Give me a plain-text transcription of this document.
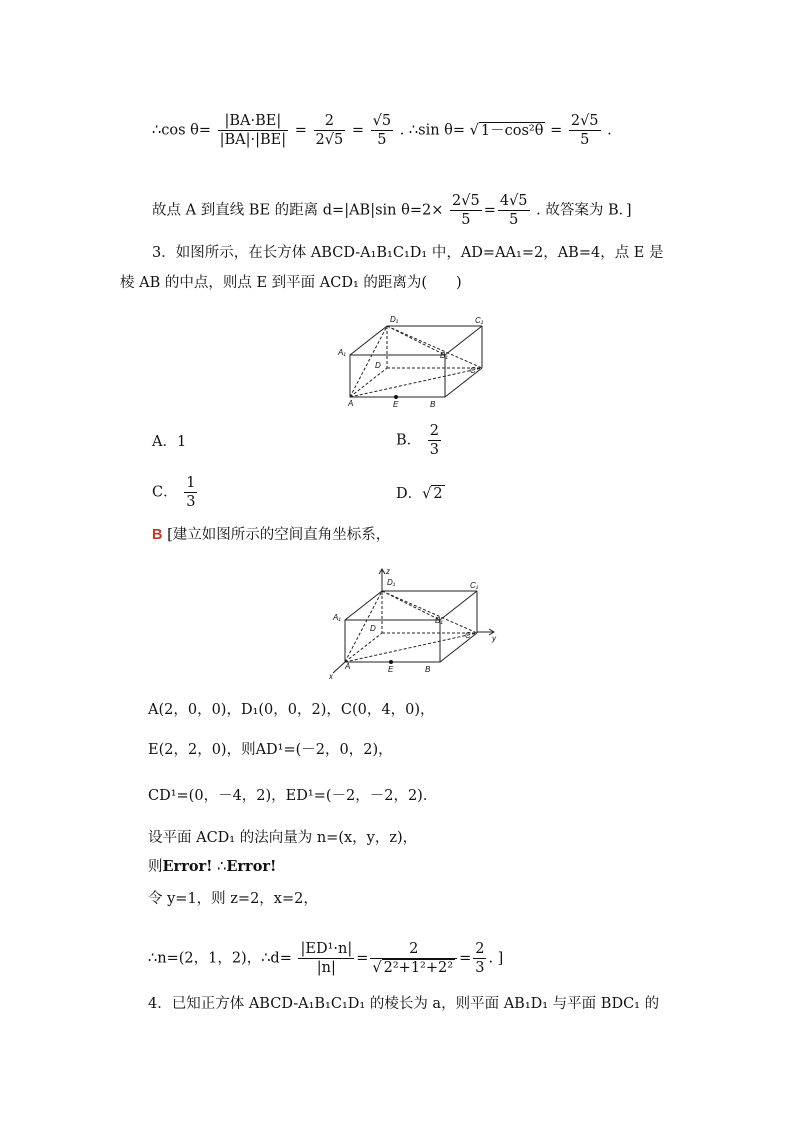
∴cos $\theta= \frac{|BA\cdot BE|}{|BA|\cdot|BE|} = \frac{2}{2√5} = \frac{√5}{5}$ . ∴sin θ= √ $1-\cos^2\theta = \frac{2√5}{5}$ .
故点 A 到直线 BE 的距离 d=|AB|sin $\theta=2\times \frac{2√5}{5} = \frac{4√5}{5}$ . 故答案为 B．]
3．如图所示，在长方体 ABCD-A₁B₁C₁D₁ 中，AD=AA₁=2，AB=4，点 E 是
棱 AB 的中点，则点 E 到平面 ACD₁ 的距离为(　　)
D₁	C₁
A₁	B₁
D
C
A	E	B
A．1	B． $\frac{2}{3}$
C． $\frac{1}{3}$	D．√ 2
B [建立如图所示的空间直角坐标系，
z
D₁	C₁
A₁	B₁
D
C	y
A	E	B
x
A(2，0，0)，D₁(0，0，2)，C(0，4，0)，
E(2，2，0)，则AD¹=(－2，0，2)，
CD¹=(0，－4，2)，ED¹=(－2，－2，2)．
设平面 ACD₁ 的法向量为 n=(x，y，z)，
则Error! ∴Error!
令 y=1，则 z=2，x=2，
∴n=(2，1，2)，∴d= $\frac{\text{|ED¹·n|}}{|n|} = \frac{2}{\text{√ 2²+1²+2²}} = \frac{2}{3}$ . ]
4．已知正方体 ABCD-A₁B₁C₁D₁ 的棱长为 a，则平面 AB₁D₁ 与平面 BDC₁ 的
